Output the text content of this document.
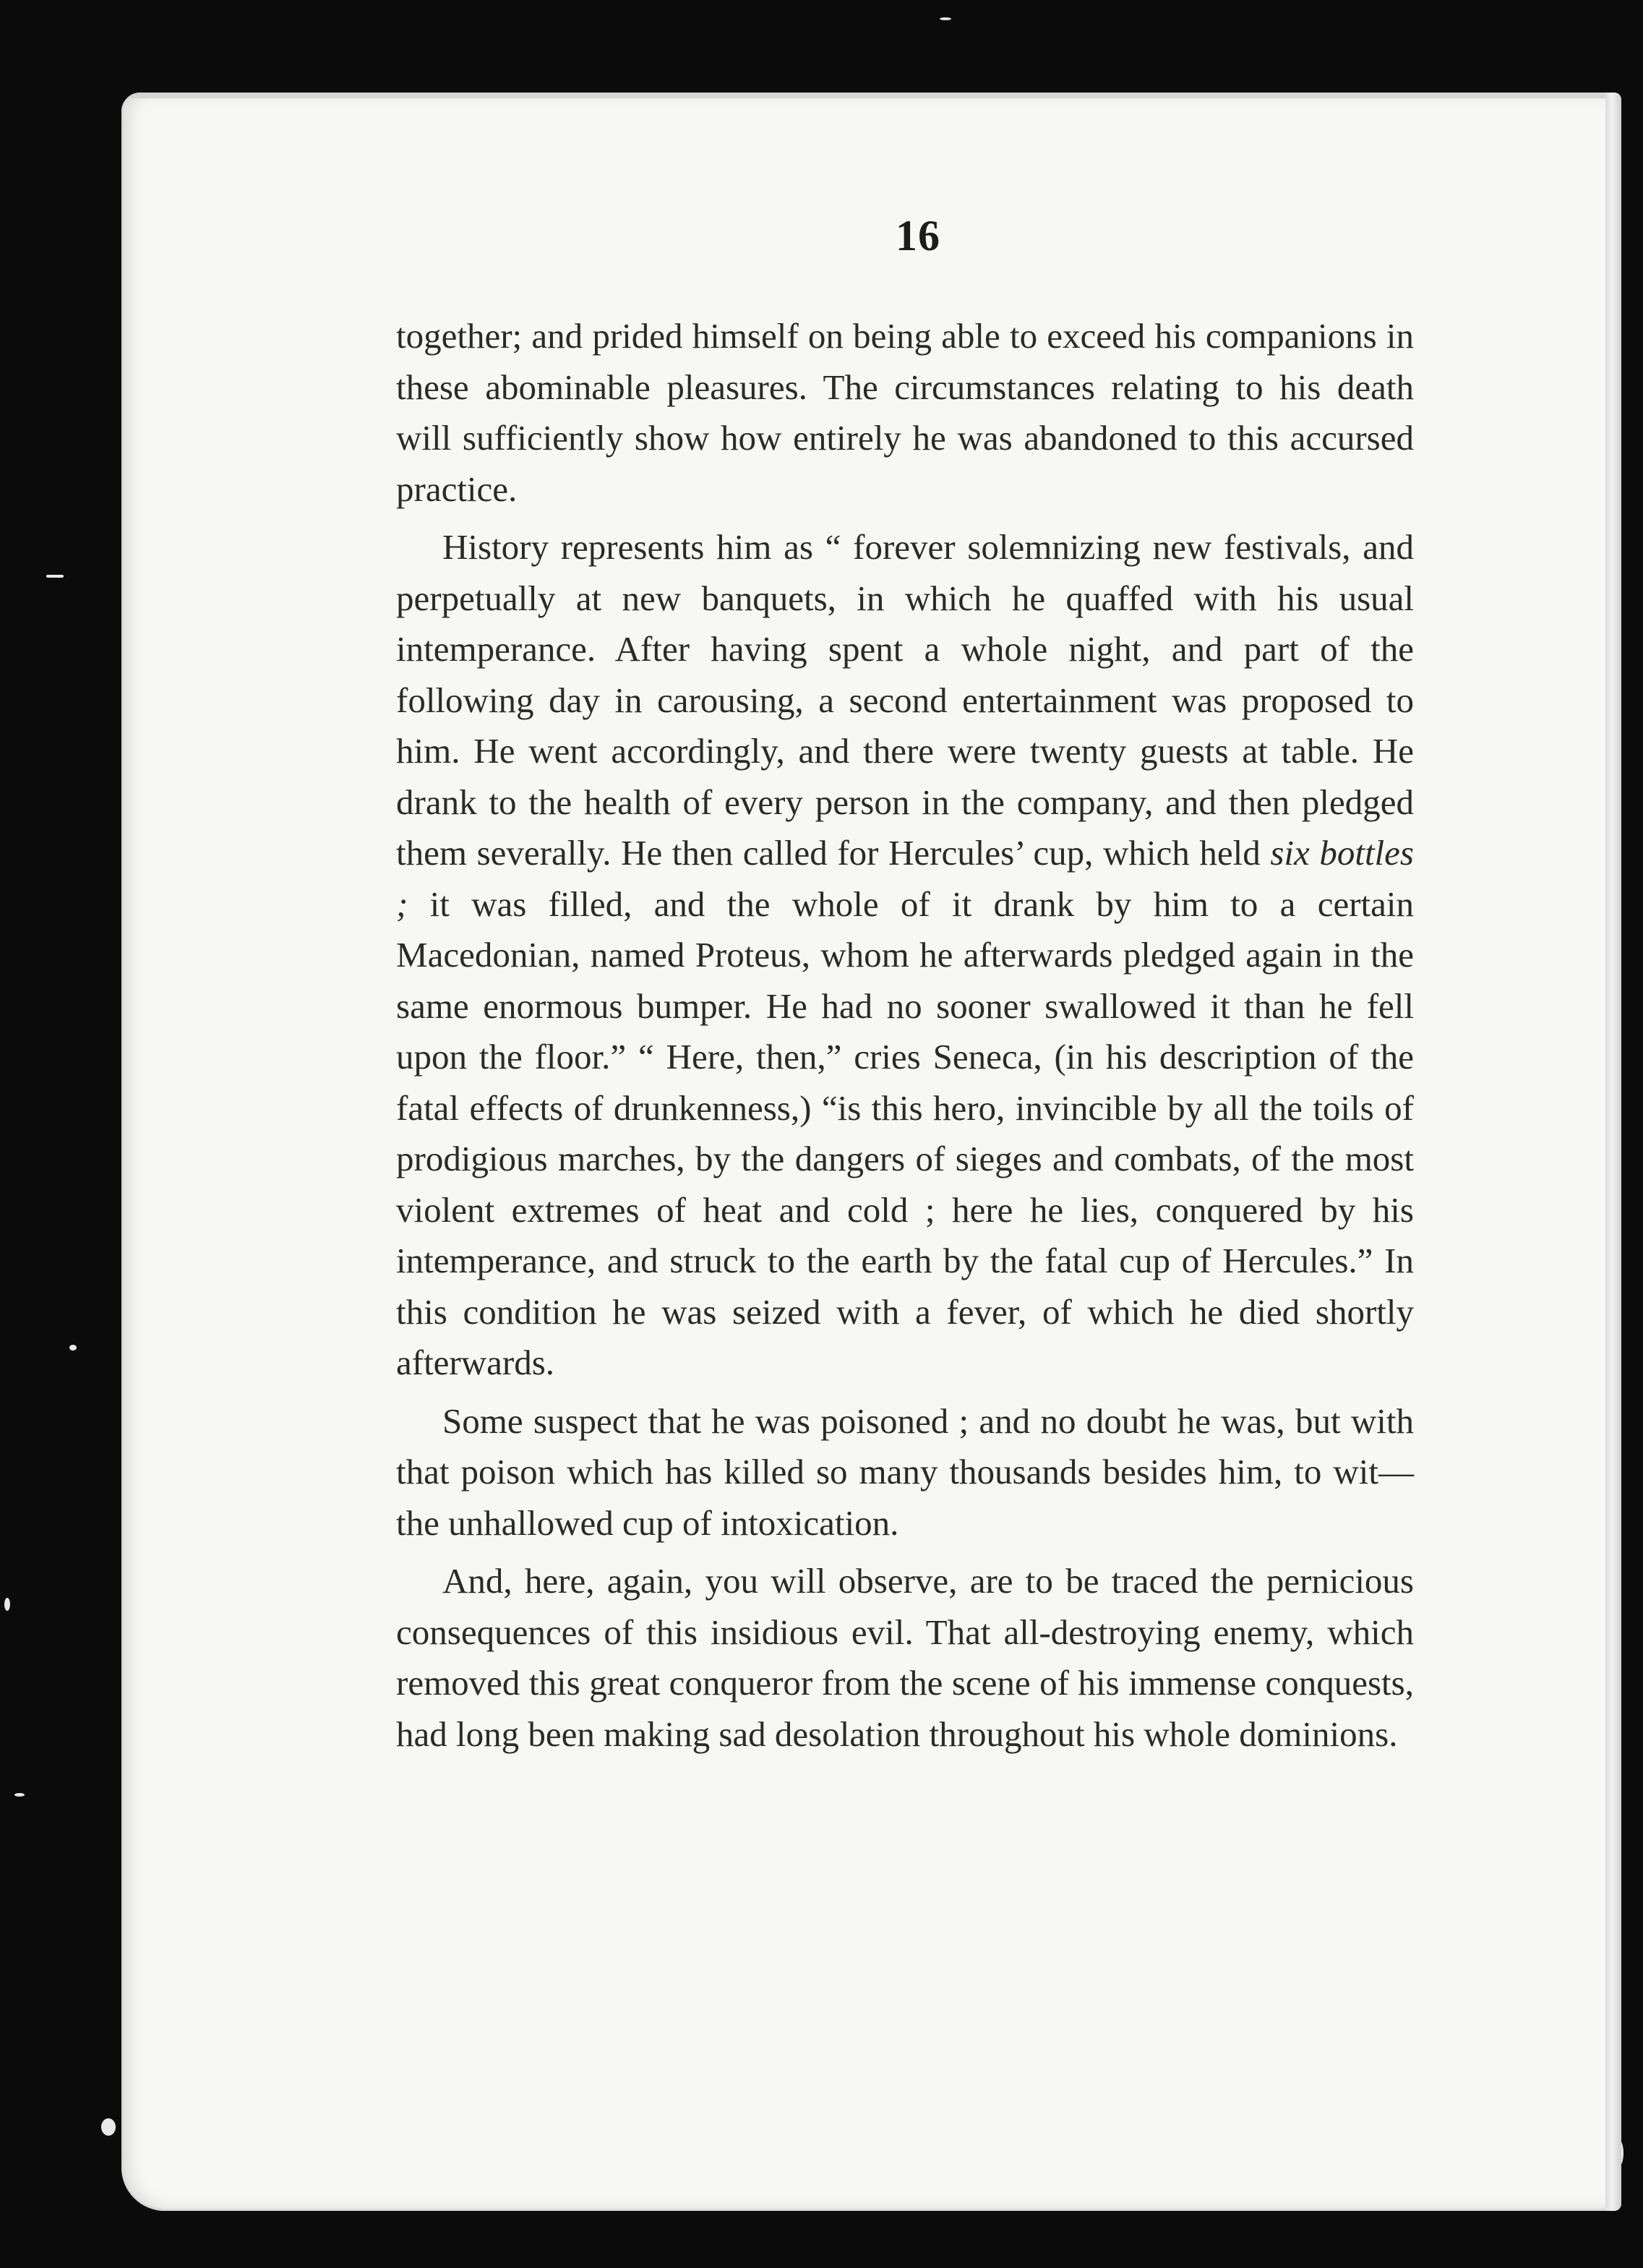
16

together; and prided himself on being able to exceed his companions in these abominable pleasures. The circumstances relating to his death will sufficiently show how entirely he was abandoned to this accursed practice.

History represents him as “ forever solemnizing new festivals, and perpetually at new banquets, in which he quaffed with his usual intemperance. After having spent a whole night, and part of the following day in carousing, a second entertainment was proposed to him. He went accordingly, and there were twenty guests at table. He drank to the health of every person in the company, and then pledged them severally. He then called for Hercules’ cup, which held six bottles ; it was filled, and the whole of it drank by him to a certain Macedonian, named Proteus, whom he afterwards pledged again in the same enormous bumper. He had no sooner swallowed it than he fell upon the floor.” “ Here, then,” cries Seneca, (in his description of the fatal effects of drunkenness,) “is this hero, invincible by all the toils of prodigious marches, by the dangers of sieges and combats, of the most violent extremes of heat and cold ; here he lies, conquered by his intemperance, and struck to the earth by the fatal cup of Hercules.” In this condition he was seized with a fever, of which he died shortly afterwards.

Some suspect that he was poisoned ; and no doubt he was, but with that poison which has killed so many thousands besides him, to wit—the unhallowed cup of intoxication.

And, here, again, you will observe, are to be traced the pernicious consequences of this insidious evil. That all-destroying enemy, which removed this great conqueror from the scene of his immense conquests, had long been making sad desolation throughout his whole dominions.
